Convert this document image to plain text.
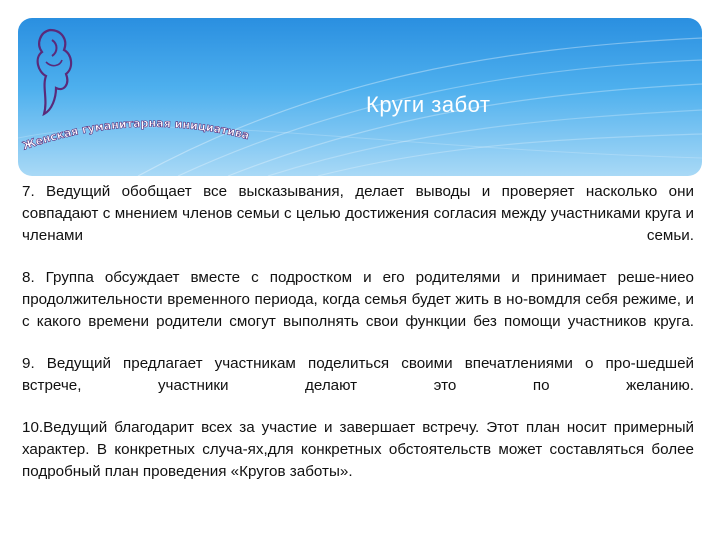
Женская гуманитарная инициатива
Круги забот

7. Ведущий обобщает все высказывания, делает выводы и проверяет насколько они совпадают с мнением членов семьи с целью достижения согласия между участниками круга и членами семьи.

8. Группа обсуждает вместе с подростком и его родителями и принимает реше-ниео продолжительности временного периода, когда семья будет жить в но-вомдля себя режиме, и с какого времени родители смогут выполнять свои функции без помощи участников круга.

9. Ведущий предлагает участникам поделиться своими впечатлениями о про-шедшей встрече, участники делают это по желанию.

10.Ведущий благодарит всех за участие и завершает встречу. Этот план носит примерный характер. В конкретных случа-ях,для конкретных обстоятельств может составляться более подробный план проведения «Кругов заботы».
